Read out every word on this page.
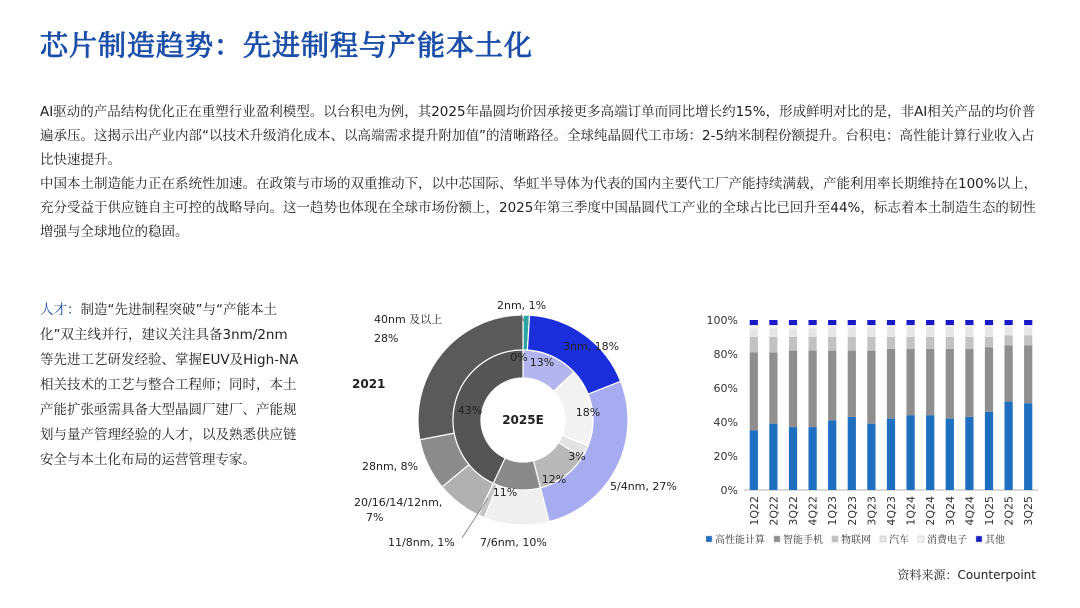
芯片制造趋势：先进制程与产能本土化

AI驱动的产品结构优化正在重塑行业盈利模型。以台积电为例，其2025年晶圆均价因承接更多高端订单而同比增长约15%，形成鲜明对比的是，非AI相关产品的均价普遍承压。这揭示出产业内部“以技术升级消化成本、以高端需求提升附加值”的清晰路径。全球纯晶圆代工市场：2-5纳米制程份额提升。台积电：高性能计算行业收入占比快速提升。

中国本土制造能力正在系统性加速。在政策与市场的双重推动下，以中芯国际、华虹半导体为代表的国内主要代工厂产能持续满载，产能利用率长期维持在100%以上，充分受益于供应链自主可控的战略导向。这一趋势也体现在全球市场份额上，2025年第三季度中国晶圆代工产业的全球占比已回升至44%，标志着本土制造生态的韧性增强与全球地位的稳固。

人才：制造“先进制程突破”与“产能本土化”双主线并行，建议关注具备3nm/2nm等先进工艺研发经验、掌握EUV及High-NA相关技术的工艺与整合工程师；同时，本土产能扩张亟需具备大型晶圆厂建厂、产能规划与量产管理经验的人才，以及熟悉供应链安全与本土化布局的运营管理专家。
2025E
2021
2nm, 1%
3nm, 18%
5/4nm, 27%
7/6nm, 10%
11/8nm, 1%
20/16/14/12nm, 7%
28nm, 8%
40nm 及以上
28%
0% 13%
18%
3%
12%
11%
43%
0%
20%
40%
60%
80%
100%
1Q22 2Q22 3Q22 4Q22 1Q23 2Q23 3Q23 4Q23 1Q24 2Q24 3Q24 4Q24 1Q25 2Q25 3Q25
高性能计算 智能手机 物联网 汽车 消费电子 其他
资料来源：Counterpoint
